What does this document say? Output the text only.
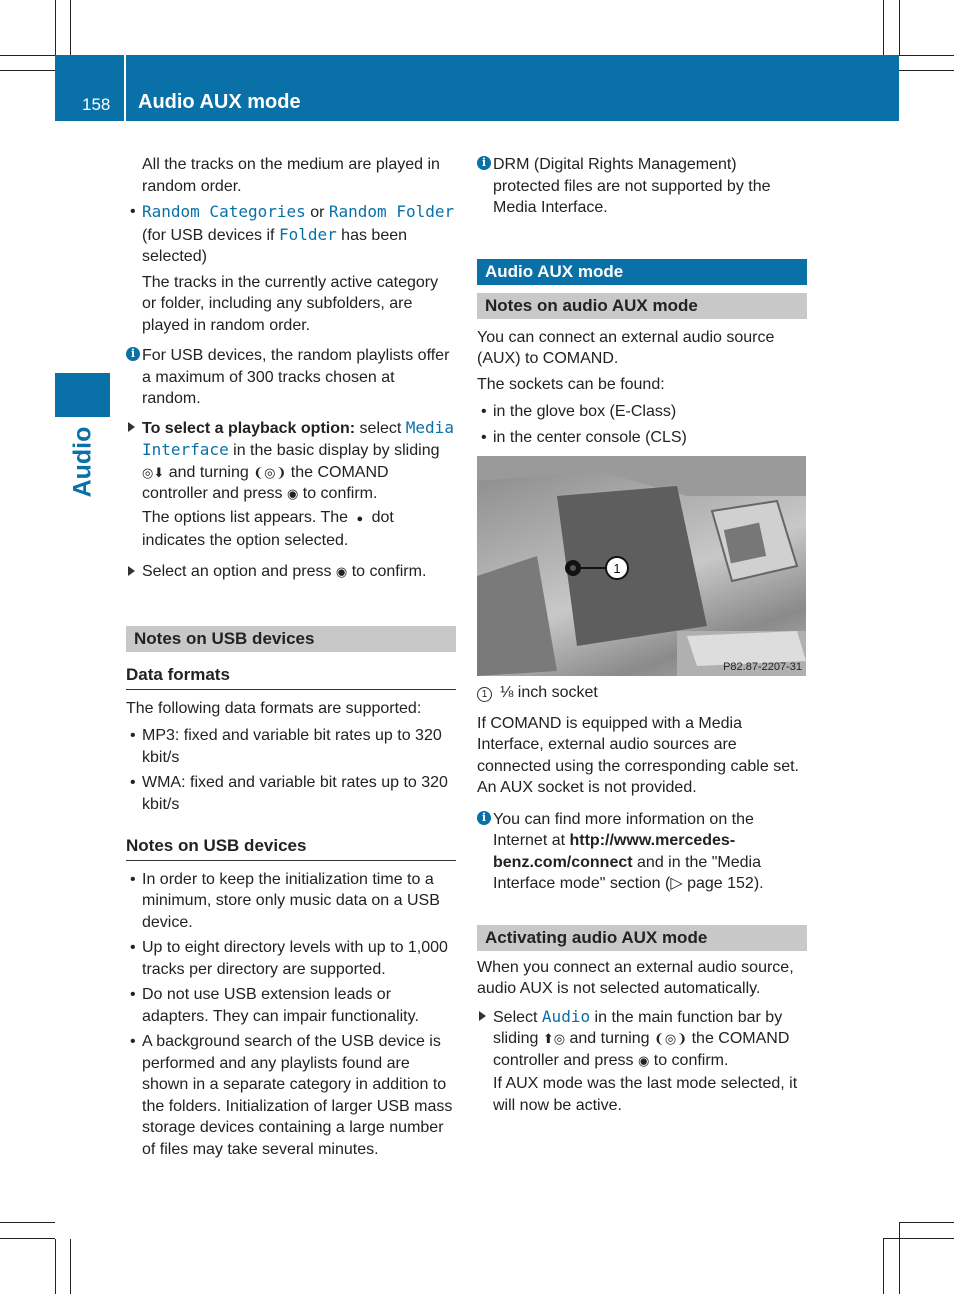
158 Audio AUX mode
Audio

All the tracks on the medium are played in random order.

• Random Categories or Random Folder (for USB devices if Folder has been selected)

The tracks in the currently active category or folder, including any subfolders, are played in random order.

i For USB devices, the random playlists offer a maximum of 300 tracks chosen at random.

To select a playback option: select Media Interface in the basic display by sliding ◎⬇ and turning ❨◎❩ the COMAND controller and press ◉ to confirm.

The options list appears. The ● dot indicates the option selected.

Select an option and press ◉ to confirm.

Notes on USB devices
Data formats

The following data formats are supported:

• MP3: fixed and variable bit rates up to 320 kbit/s

• WMA: fixed and variable bit rates up to 320 kbit/s

Notes on USB devices

• In order to keep the initialization time to a minimum, store only music data on a USB device.

• Up to eight directory levels with up to 1,000 tracks per directory are supported.

• Do not use USB extension leads or adapters. They can impair functionality.

• A background search of the USB device is performed and any playlists found are shown in a separate category in addition to the folders. Initialization of larger USB mass storage devices containing a large number of files may take several minutes.

i DRM (Digital Rights Management) protected files are not supported by the Media Interface.

Audio AUX mode
Notes on audio AUX mode

You can connect an external audio source (AUX) to COMAND.

The sockets can be found:

• in the glove box (E-Class)

• in the center console (CLS)

1
P82.87-2207-31

1 ⅛ inch socket

If COMAND is equipped with a Media Interface, external audio sources are connected using the corresponding cable set. An AUX socket is not provided.

i You can find more information on the Internet at http://www.mercedes-benz.com/connect and in the "Media Interface mode" section (▷ page 152).

Activating audio AUX mode

When you connect an external audio source, audio AUX is not selected automatically.

Select Audio in the main function bar by sliding ⬆◎ and turning ❨◎❩ the COMAND controller and press ◉ to confirm.

If AUX mode was the last mode selected, it will now be active.
